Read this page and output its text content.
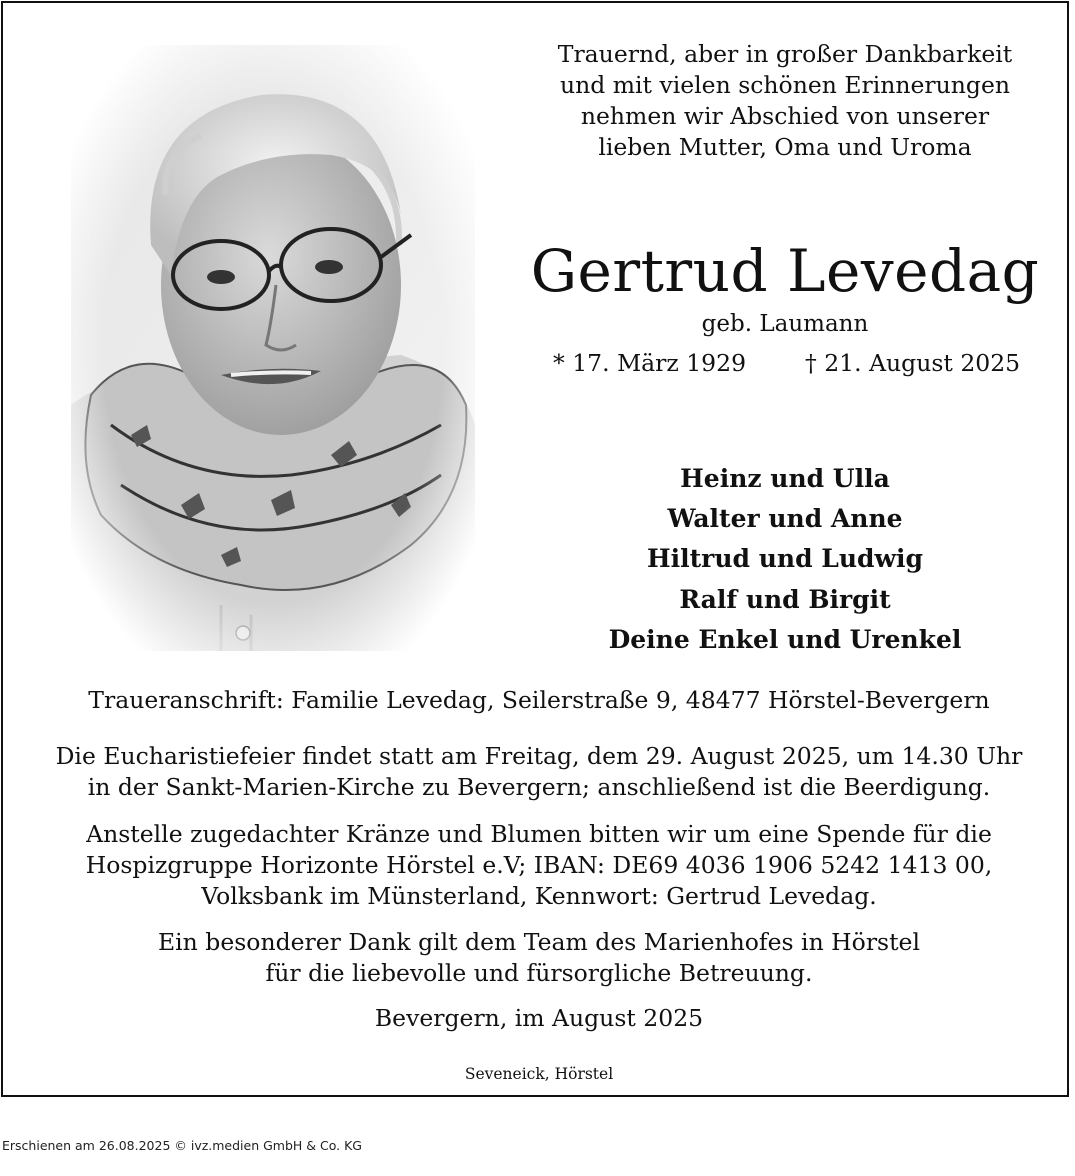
Trauernd, aber in großer Dankbarkeit

und mit vielen schönen Erinnerungen

nehmen wir Abschied von unserer

lieben Mutter, Oma und Uroma

Gertrud Levedag
geb. Laumann
* 17. März 1929	† 21. August 2025
Heinz und Ulla
Walter und Anne
Hiltrud und Ludwig
Ralf und Birgit
Deine Enkel und Urenkel
Traueranschrift: Familie Levedag, Seilerstraße 9, 48477 Hörstel-Bevergern
Die Eucharistiefeier findet statt am Freitag, dem 29. August 2025, um 14.30 Uhr
in der Sankt-Marien-Kirche zu Bevergern; anschließend ist die Beerdigung.
Anstelle zugedachter Kränze und Blumen bitten wir um eine Spende für die
Hospizgruppe Horizonte Hörstel e.V; IBAN: DE69 4036 1906 5242 1413 00,
Volksbank im Münsterland, Kennwort: Gertrud Levedag.
Ein besonderer Dank gilt dem Team des Marienhofes in Hörstel
für die liebevolle und fürsorgliche Betreuung.
Bevergern, im August 2025
Seveneick, Hörstel
Erschienen am 26.08.2025 © ivz.medien GmbH & Co. KG
